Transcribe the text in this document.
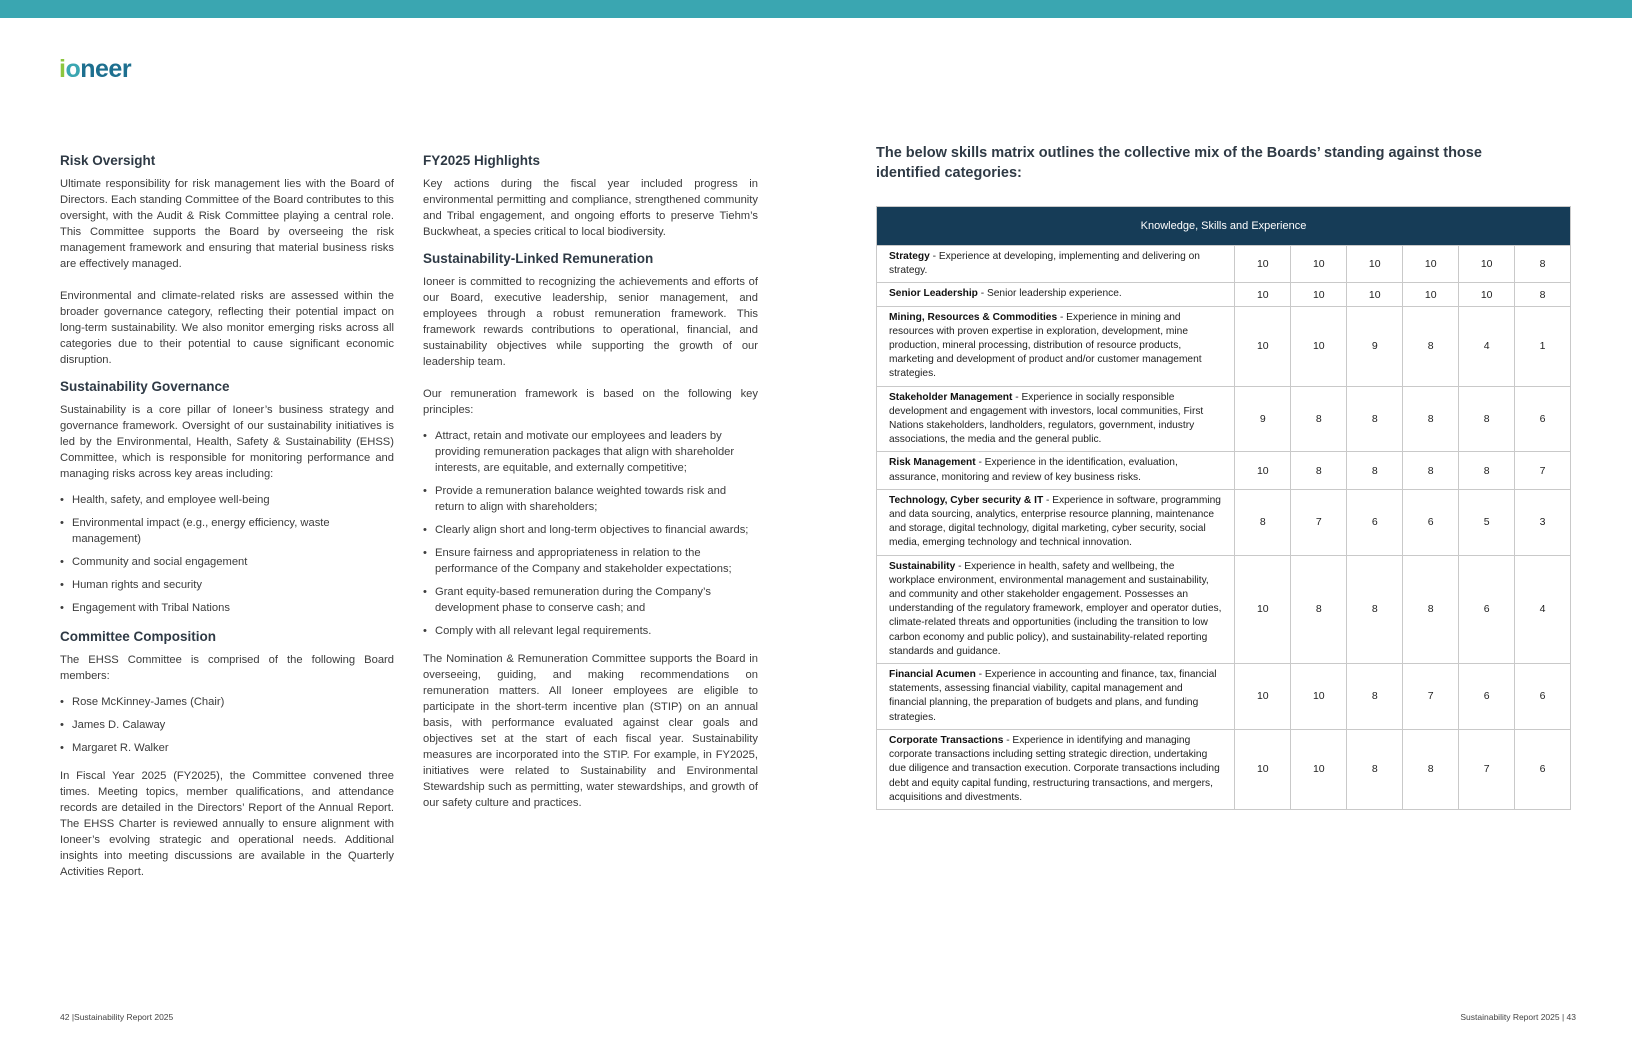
ioneer
Risk Oversight

Ultimate responsibility for risk management lies with the Board of Directors. Each standing Committee of the Board contributes to this oversight, with the Audit & Risk Committee playing a central role. This Committee supports the Board by overseeing the risk management framework and ensuring that material business risks are effectively managed.

Environmental and climate-related risks are assessed within the broader governance category, reflecting their potential impact on long-term sustainability. We also monitor emerging risks across all categories due to their potential to cause significant economic disruption.

Sustainability Governance

Sustainability is a core pillar of Ioneer’s business strategy and governance framework. Oversight of our sustainability initiatives is led by the Environmental, Health, Safety & Sustainability (EHSS) Committee, which is responsible for monitoring performance and managing risks across key areas including:

• Health, safety, and employee well-being
• Environmental impact (e.g., energy efficiency, waste management)
• Community and social engagement
• Human rights and security
• Engagement with Tribal Nations
Committee Composition

The EHSS Committee is comprised of the following Board members:

• Rose McKinney-James (Chair)
• James D. Calaway
• Margaret R. Walker

In Fiscal Year 2025 (FY2025), the Committee convened three times. Meeting topics, member qualifications, and attendance records are detailed in the Directors’ Report of the Annual Report. The EHSS Charter is reviewed annually to ensure alignment with Ioneer’s evolving strategic and operational needs. Additional insights into meeting discussions are available in the Quarterly Activities Report.

FY2025 Highlights

Key actions during the fiscal year included progress in environmental permitting and compliance, strengthened community and Tribal engagement, and ongoing efforts to preserve Tiehm’s Buckwheat, a species critical to local biodiversity.

Sustainability-Linked Remuneration

Ioneer is committed to recognizing the achievements and efforts of our Board, executive leadership, senior management, and employees through a robust remuneration framework. This framework rewards contributions to operational, financial, and sustainability objectives while supporting the growth of our leadership team.

Our remuneration framework is based on the following key principles:

• Attract, retain and motivate our employees and leaders by providing remuneration packages that align with shareholder interests, are equitable, and externally competitive;
• Provide a remuneration balance weighted towards risk and return to align with shareholders;
• Clearly align short and long-term objectives to financial awards;
• Ensure fairness and appropriateness in relation to the performance of the Company and stakeholder expectations;
• Grant equity-based remuneration during the Company’s development phase to conserve cash; and
• Comply with all relevant legal requirements.

The Nomination & Remuneration Committee supports the Board in overseeing, guiding, and making recommendations on remuneration matters. All Ioneer employees are eligible to participate in the short-term incentive plan (STIP) on an annual basis, with performance evaluated against clear goals and objectives set at the start of each fiscal year. Sustainability measures are incorporated into the STIP. For example, in FY2025, initiatives were related to Sustainability and Environmental Stewardship such as permitting, water stewardships, and growth of our safety culture and practices.

The below skills matrix outlines the collective mix of the Boards’ standing against those identified categories:
Knowledge, Skills and Experience						
Strategy - Experience at developing, implementing and delivering on strategy.	10	10	10	10	10	8
Senior Leadership - Senior leadership experience.	10	10	10	10	10	8
Mining, Resources & Commodities - Experience in mining and resources with proven expertise in exploration, development, mine production, mineral processing, distribution of resource products, marketing and development of product and/or customer management strategies.	10	10	9	8	4	1
Stakeholder Management - Experience in socially responsible development and engagement with investors, local communities, First Nations stakeholders, landholders, regulators, government, industry associations, the media and the general public.	9	8	8	8	8	6
Risk Management - Experience in the identification, evaluation, assurance, monitoring and review of key business risks.	10	8	8	8	8	7
Technology, Cyber security & IT - Experience in software, programming and data sourcing, analytics, enterprise resource planning, maintenance and storage, digital technology, digital marketing, cyber security, social media, emerging technology and technical innovation.	8	7	6	6	5	3
Sustainability - Experience in health, safety and wellbeing, the workplace environment, environmental management and sustainability, and community and other stakeholder engagement. Possesses an understanding of the regulatory framework, employer and operator duties, climate-related threats and opportunities (including the transition to low carbon economy and public policy), and sustainability-related reporting standards and guidance.	10	8	8	8	6	4
Financial Acumen - Experience in accounting and finance, tax, financial statements, assessing financial viability, capital management and financial planning, the preparation of budgets and plans, and funding strategies.	10	10	8	7	6	6
Corporate Transactions - Experience in identifying and managing corporate transactions including setting strategic direction, undertaking due diligence and transaction execution. Corporate transactions including debt and equity capital funding, restructuring transactions, and mergers, acquisitions and divestments.	10	10	8	8	7	6
42 |Sustainability Report 2025	Sustainability Report 2025 | 43
